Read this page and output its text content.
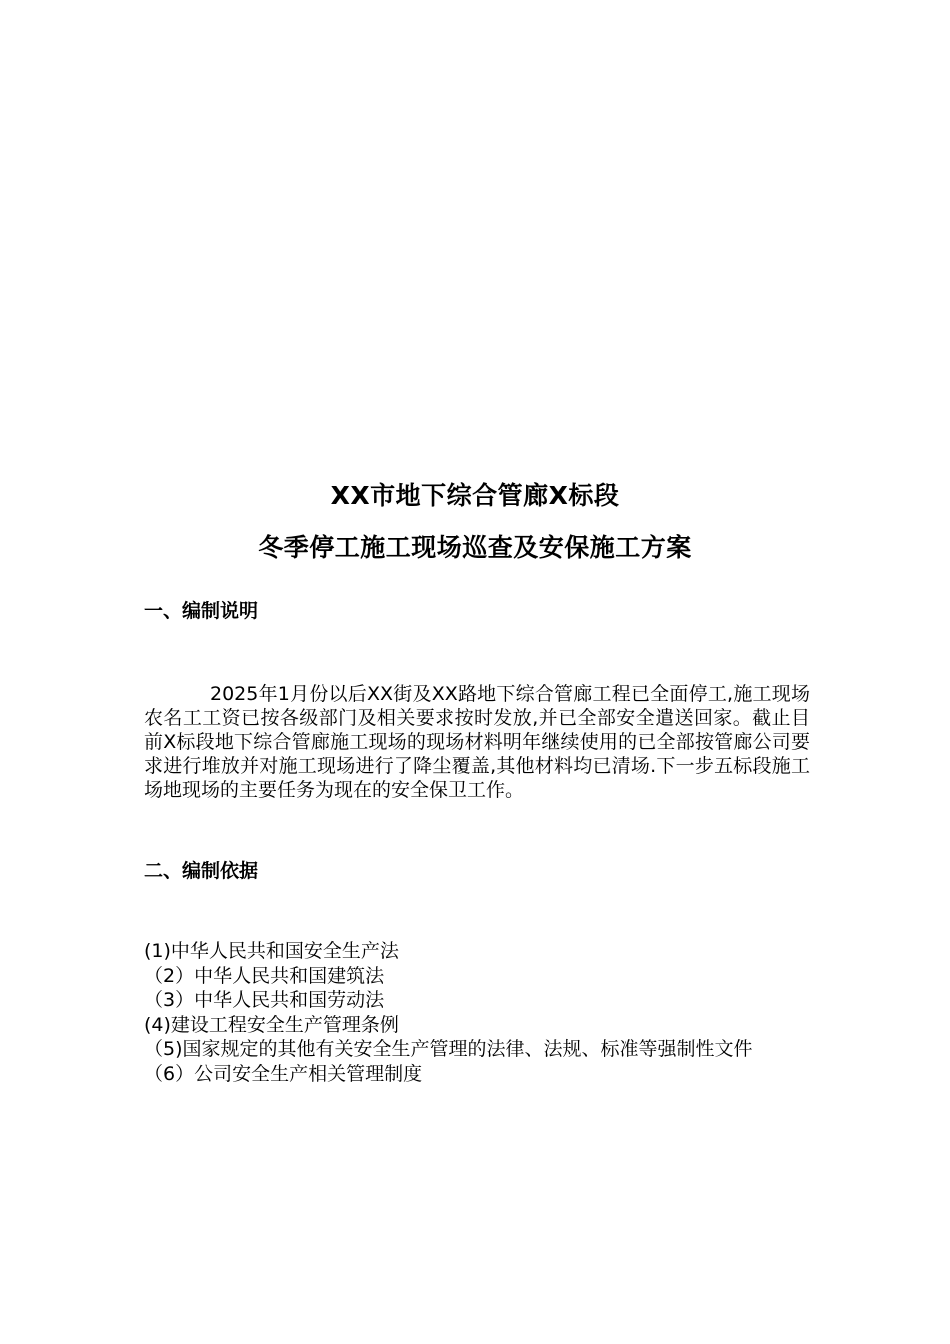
XX市地下综合管廊X标段
冬季停工施工现场巡查及安保施工方案
一、编制说明

2025年1月份以后XX街及XX路地下综合管廊工程已全面停工,施工现场农名工工资已按各级部门及相关要求按时发放,并已全部安全遣送回家。截止目前X标段地下综合管廊施工现场的现场材料明年继续使用的已全部按管廊公司要求进行堆放并对施工现场进行了降尘覆盖,其他材料均已清场.下一步五标段施工场地现场的主要任务为现在的安全保卫工作。

二、编制依据
(1)中华人民共和国安全生产法
（2）中华人民共和国建筑法
（3）中华人民共和国劳动法
(4)建设工程安全生产管理条例
（5)国家规定的其他有关安全生产管理的法律、法规、标准等强制性文件
（6）公司安全生产相关管理制度
